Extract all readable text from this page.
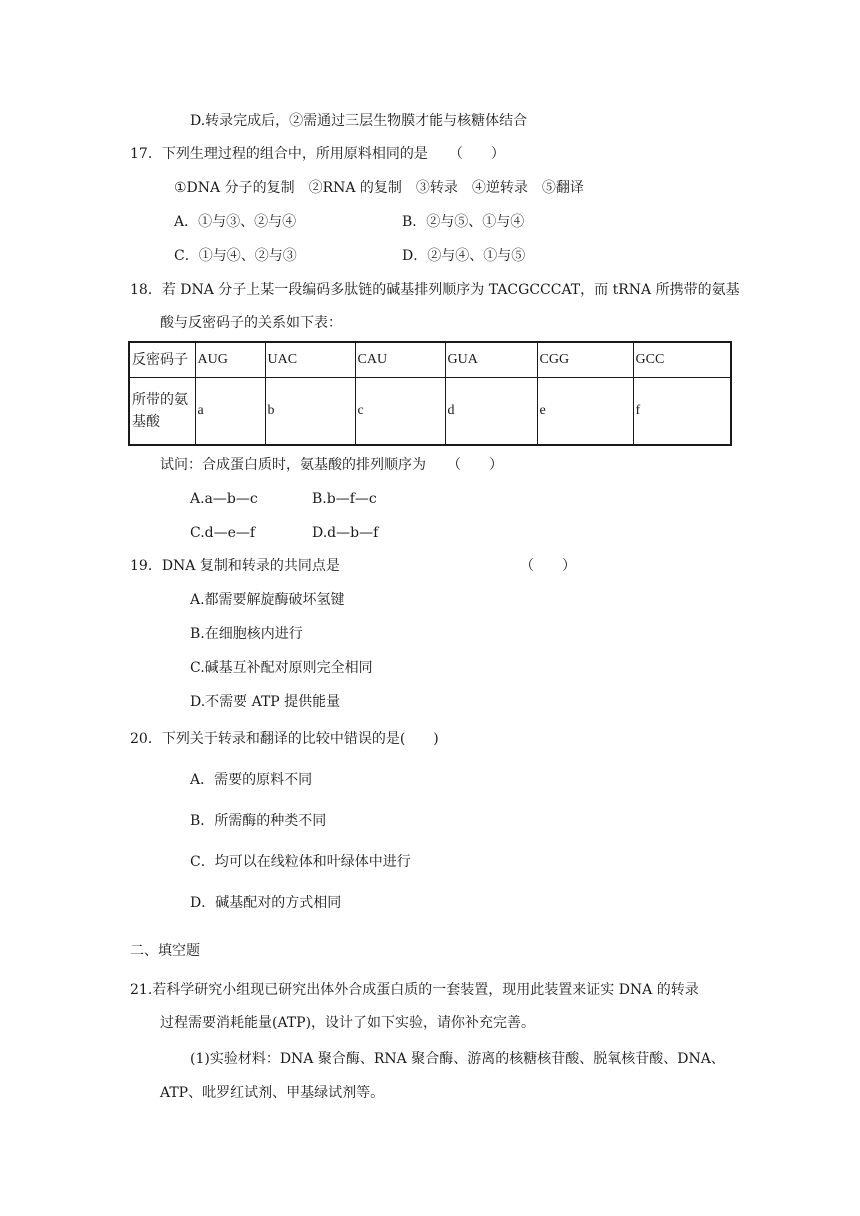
D.转录完成后，②需通过三层生物膜才能与核糖体结合
17．下列生理过程的组合中，所用原料相同的是　　（　　）
①DNA 分子的复制　②RNA 的复制　③转录　④逆转录　⑤翻译
A．①与③、②与④	B．②与⑤、①与④
C．①与④、②与③	D．②与④、①与⑤
18．若 DNA 分子上某一段编码多肽链的碱基排列顺序为 TACGCCCAT，而 tRNA 所携带的氨基
酸与反密码子的关系如下表：
反密码子	AUG	UAC	CAU	GUA	CGG	GCC

所带的氨
基酸	a	b	c	d	e	f
试问：合成蛋白质时，氨基酸的排列顺序为　　（　　）
A.a—b—c	B.b—f—c
C.d—e—f	D.d—b—f
19．DNA 复制和转录的共同点是	（　　）
A.都需要解旋酶破坏氢键
B.在细胞核内进行
C.碱基互补配对原则完全相同
D.不需要 ATP 提供能量
20．下列关于转录和翻译的比较中错误的是(　　)
A．需要的原料不同
B．所需酶的种类不同
C．均可以在线粒体和叶绿体中进行
D．碱基配对的方式相同
二、填空题
21.若科学研究小组现已研究出体外合成蛋白质的一套装置，现用此装置来证实 DNA 的转录
过程需要消耗能量(ATP)，设计了如下实验，请你补充完善。
(1)实验材料：DNA 聚合酶、RNA 聚合酶、游离的核糖核苷酸、脱氧核苷酸、DNA、
ATP、吡罗红试剂、甲基绿试剂等。
